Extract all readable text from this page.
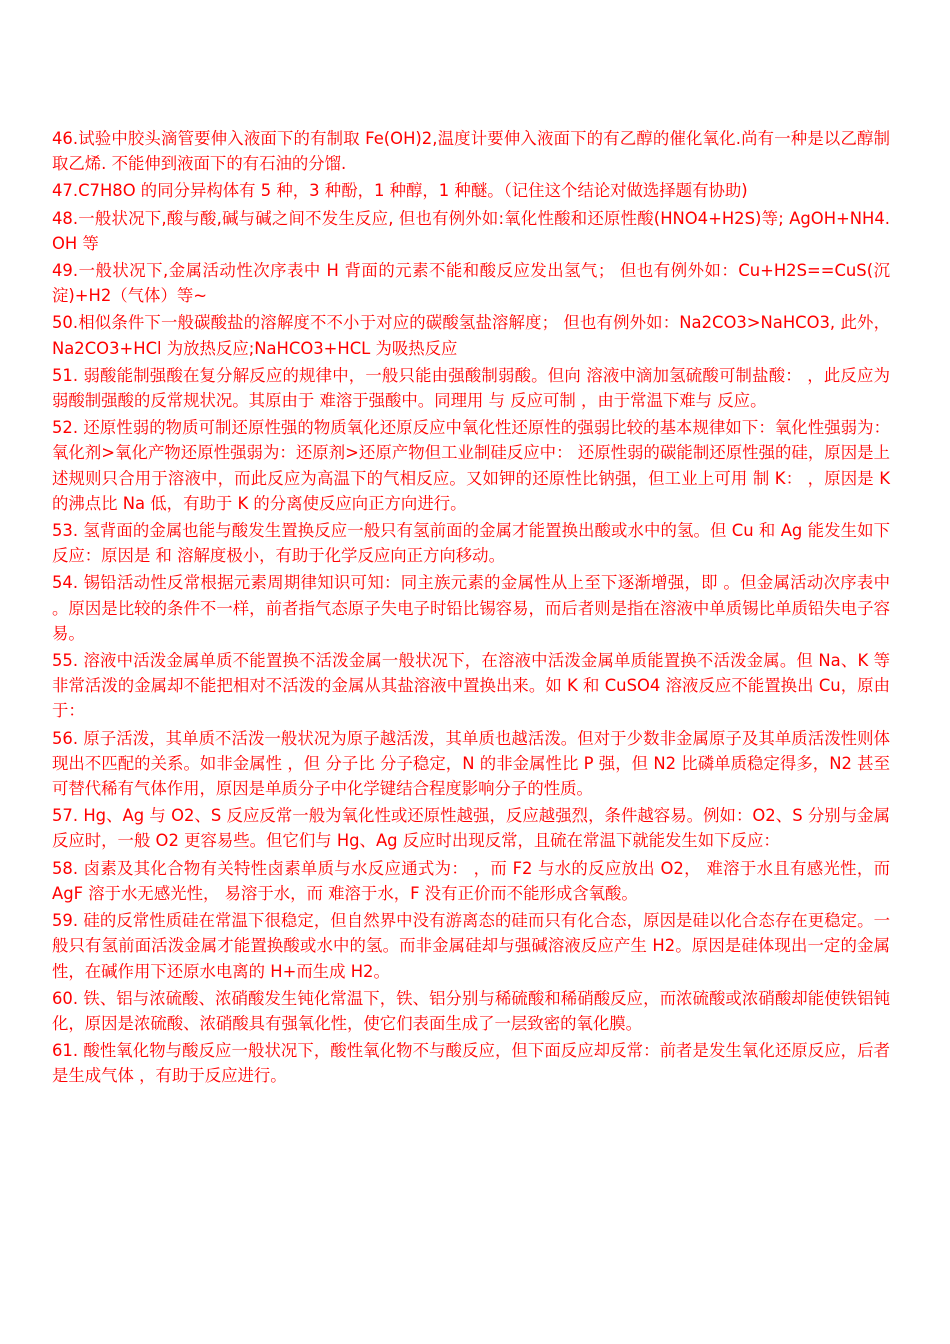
46.试验中胶头滴管要伸入液面下的有制取 Fe(OH)2,温度计要伸入液面下的有乙醇的催化氧化.尚有一种是以乙醇制取乙烯. 不能伸到液面下的有石油的分馏.

47.C7H8O 的同分异构体有 5 种，3 种酚，1 种醇，1 种醚。（记住这个结论对做选择题有协助)

48.一般状况下,酸与酸,碱与碱之间不发生反应, 但也有例外如:氧化性酸和还原性酸(HNO4+H2S)等; AgOH+NH4.OH 等

49.一般状况下,金属活动性次序表中 H 背面的元素不能和酸反应发出氢气； 但也有例外如：Cu+H2S==CuS(沉淀)+H2（气体）等~

50.相似条件下一般碳酸盐的溶解度不不小于对应的碳酸氢盐溶解度； 但也有例外如：Na2CO3>NaHCO3, 此外，Na2CO3+HCl 为放热反应;NaHCO3+HCL 为吸热反应

51. 弱酸能制强酸在复分解反应的规律中，一般只能由强酸制弱酸。但向 溶液中滴加氢硫酸可制盐酸： ，此反应为弱酸制强酸的反常规状况。其原由于 难溶于强酸中。同理用 与 反应可制 ，由于常温下难与 反应。

52. 还原性弱的物质可制还原性强的物质氧化还原反应中氧化性还原性的强弱比较的基本规律如下：氧化性强弱为：氧化剂>氧化产物还原性强弱为：还原剂>还原产物但工业制硅反应中： 还原性弱的碳能制还原性强的硅，原因是上述规则只合用于溶液中，而此反应为高温下的气相反应。又如钾的还原性比钠强，但工业上可用 制 K： ，原因是 K 的沸点比 Na 低，有助于 K 的分离使反应向正方向进行。

53. 氢背面的金属也能与酸发生置换反应一般只有氢前面的金属才能置换出酸或水中的氢。但 Cu 和 Ag 能发生如下反应：原因是 和 溶解度极小，有助于化学反应向正方向移动。

54. 锡铅活动性反常根据元素周期律知识可知：同主族元素的金属性从上至下逐渐增强，即 。但金属活动次序表中 。原因是比较的条件不一样，前者指气态原子失电子时铅比锡容易，而后者则是指在溶液中单质锡比单质铅失电子容易。

55. 溶液中活泼金属单质不能置换不活泼金属一般状况下，在溶液中活泼金属单质能置换不活泼金属。但 Na、K 等非常活泼的金属却不能把相对不活泼的金属从其盐溶液中置换出来。如 K 和 CuSO4 溶液反应不能置换出 Cu，原由于：

56. 原子活泼，其单质不活泼一般状况为原子越活泼，其单质也越活泼。但对于少数非金属原子及其单质活泼性则体现出不匹配的关系。如非金属性 ，但 分子比 分子稳定，N 的非金属性比 P 强，但 N2 比磷单质稳定得多，N2 甚至可替代稀有气体作用，原因是单质分子中化学键结合程度影响分子的性质。

57. Hg、Ag 与 O2、S 反应反常一般为氧化性或还原性越强，反应越强烈，条件越容易。例如：O2、S 分别与金属反应时，一般 O2 更容易些。但它们与 Hg、Ag 反应时出现反常，且硫在常温下就能发生如下反应：

58. 卤素及其化合物有关特性卤素单质与水反应通式为： ，而 F2 与水的反应放出 O2， 难溶于水且有感光性，而 AgF 溶于水无感光性， 易溶于水，而 难溶于水，F 没有正价而不能形成含氧酸。

59. 硅的反常性质硅在常温下很稳定，但自然界中没有游离态的硅而只有化合态，原因是硅以化合态存在更稳定。一般只有氢前面活泼金属才能置换酸或水中的氢。而非金属硅却与强碱溶液反应产生 H2。原因是硅体现出一定的金属性，在碱作用下还原水电离的 H+而生成 H2。

60. 铁、铝与浓硫酸、浓硝酸发生钝化常温下，铁、铝分别与稀硫酸和稀硝酸反应，而浓硫酸或浓硝酸却能使铁铝钝化，原因是浓硫酸、浓硝酸具有强氧化性，使它们表面生成了一层致密的氧化膜。

61. 酸性氧化物与酸反应一般状况下，酸性氧化物不与酸反应，但下面反应却反常：前者是发生氧化还原反应，后者是生成气体 ，有助于反应进行。
